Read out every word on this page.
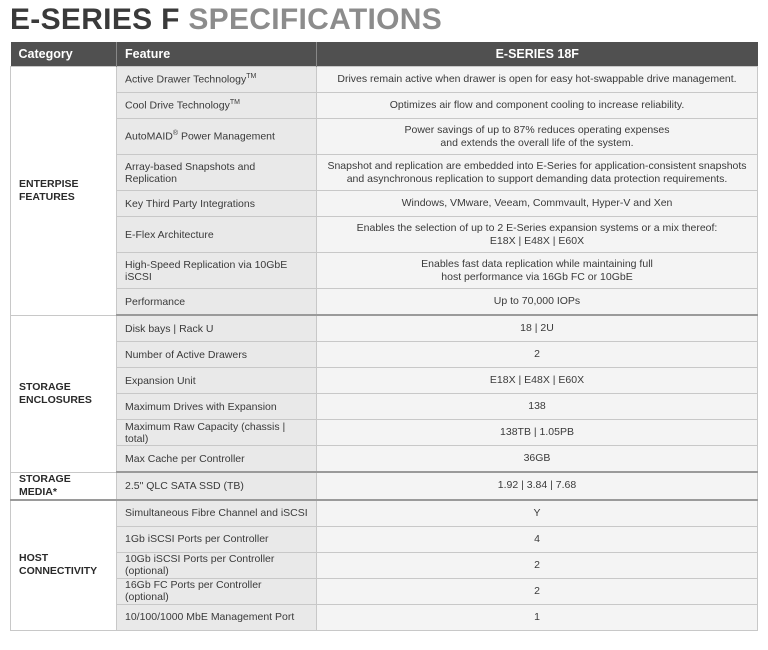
E-SERIES F SPECIFICATIONS
Category	Feature	E-SERIES 18F
ENTERPISE
FEATURES	Active Drawer Technology™	Drives remain active when drawer is open for easy hot-swappable drive management.
	Cool Drive Technology™	Optimizes air flow and component cooling to increase reliability.
	AutoMAID® Power Management	Power savings of up to 87% reduces operating expenses
and extends the overall life of the system.
	Array-based Snapshots and Replication	Snapshot and replication are embedded into E-Series for application-consistent snapshots
and asynchronous replication to support demanding data protection requirements.
	Key Third Party Integrations	Windows, VMware, Veeam, Commvault, Hyper-V and Xen
	E-Flex Architecture	Enables the selection of up to 2 E-Series expansion systems or a mix thereof:
E18X | E48X | E60X
	High-Speed Replication via 10GbE iSCSI	Enables fast data replication while maintaining full
host performance via 16Gb FC or 10GbE
	Performance	Up to 70,000 IOPs
STORAGE
ENCLOSURES	Disk bays | Rack U	18 | 2U
	Number of Active Drawers	2
	Expansion Unit	E18X | E48X | E60X
	Maximum Drives with Expansion	138
	Maximum Raw Capacity (chassis | total)	138TB | 1.05PB
	Max Cache per Controller	36GB
STORAGE MEDIA*	2.5" QLC SATA SSD (TB)	1.92 | 3.84 | 7.68
HOST
CONNECTIVITY	Simultaneous Fibre Channel and iSCSI	Y
	1Gb iSCSI Ports per Controller	4
	10Gb iSCSI Ports per Controller (optional)	2
	16Gb FC Ports per Controller (optional)	2
	10/100/1000 MbE Management Port	1
